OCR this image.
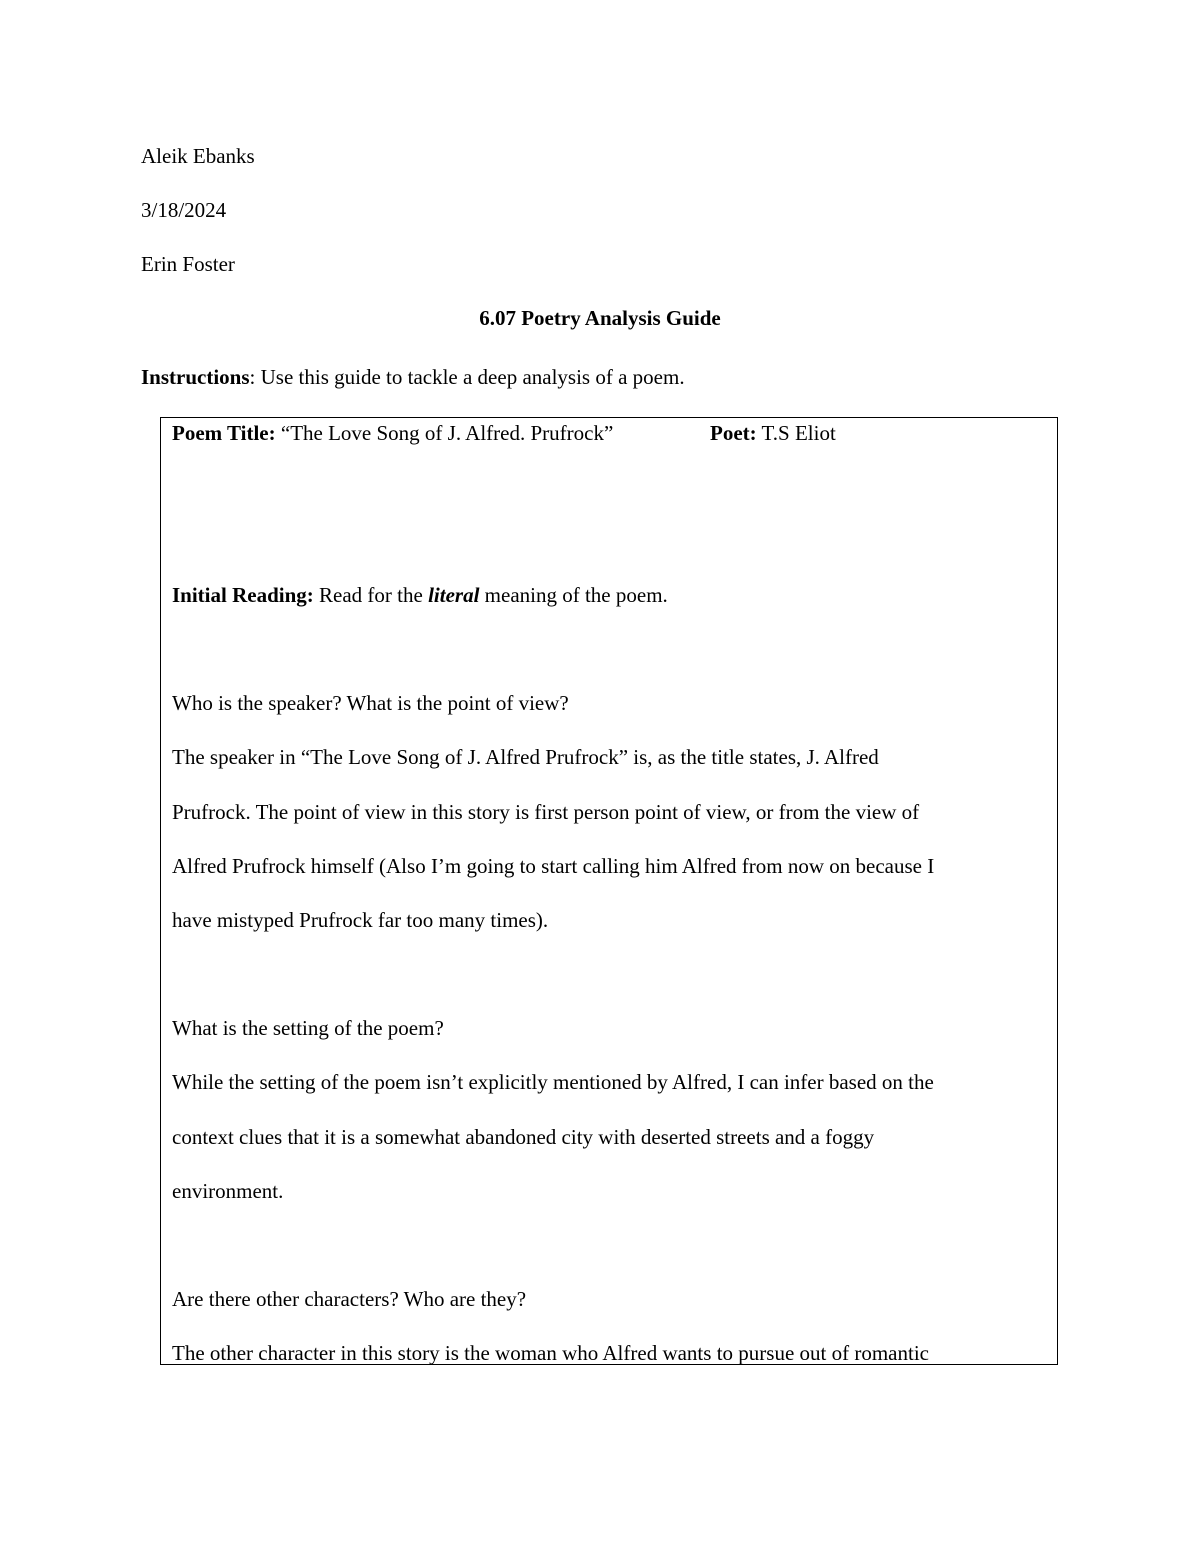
Aleik Ebanks
3/18/2024
Erin Foster
6.07 Poetry Analysis Guide
Instructions: Use this guide to tackle a deep analysis of a poem.
Poem Title: “The Love Song of J. Alfred. Prufrock”	Poet: T.S Eliot
Initial Reading: Read for the literal meaning of the poem.
Who is the speaker? What is the point of view?
The speaker in “The Love Song of J. Alfred Prufrock” is, as the title states, J. Alfred
Prufrock. The point of view in this story is first person point of view, or from the view of
Alfred Prufrock himself (Also I’m going to start calling him Alfred from now on because I
have mistyped Prufrock far too many times).
What is the setting of the poem?
While the setting of the poem isn’t explicitly mentioned by Alfred, I can infer based on the
context clues that it is a somewhat abandoned city with deserted streets and a foggy
environment.
Are there other characters? Who are they?
The other character in this story is the woman who Alfred wants to pursue out of romantic
